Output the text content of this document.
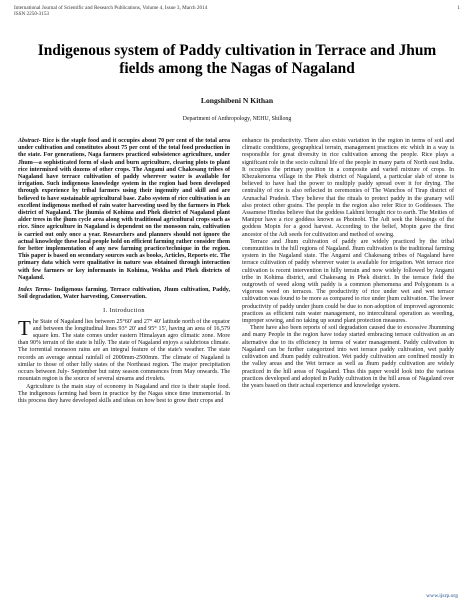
International Journal of Scientific and Research Publications, Volume 4, Issue 3, March 2014
ISSN 2250-3153
1
Indigenous system of Paddy cultivation in Terrace and Jhum fields among the Nagas of Nagaland
Longshibeni N Kithan
Department of Anthropology, NEHU, Shillong

Abstract- Rice is the staple food and it occupies about 70 per cent of the total area under cultivation and constitutes about 75 per cent of the total food production in the state. For generations, Naga farmers practiced subsistence agriculture, under Jhum—a sophisticated form of slash and burn agriculture, clearing plots to plant rice intermixed with dozens of other crops. The Angami and Chakesang tribes of Nagaland have terrace cultivation of paddy wherever water is available for irrigation. Such indigenous knowledge system in the region had been developed through experience by tribal farmers using their ingenuity and skill and are believed to have sustainable agricultural base. Zabo system of rice cultivation is an excellent indigenous method of rain water harvesting used by the farmers in Phek district of Nagaland. The jhumia of Kohima and Phek district of Nagaland plant alder trees in the jhum cycle area along with traditional agricultural crops such as rice. Since agriculture in Nagaland is dependent on the monsoon rain, cultivation is carried out only once a year. Researchers and planners should not ignore the actual knowledge these local people hold on efficient farming rather consider them for better implementation of any new farming practice/technique in the region. This paper is based on secondary sources such as books, Articles, Reports etc. The primary data which were qualitative in nature was obtained through interaction with few farmers or key informants in Kohima, Wokha and Phek districts of Nagaland.

Index Terms- Indigenous farming, Terrace cultivation, Jhum cultivation, Paddy, Soil degradation, Water harvesting, Conservation.

I. Introduction

The State of Nagaland lies between 25°60' and 27° 40' latitude north of the equator and between the longitudinal lines 93° 20' and 95° 15', having an area of 16,579 square km. The state comes under eastern Himalayan agro climatic zone. More than 90% terrain of the state is hilly. The state of Nagaland enjoys a salubrious climate. The torrential monsoon rains are an integral feature of the state's weather. The state records an average annual rainfall of 2000mm-2500mm. The climate of Nagaland is similar to those of other hilly states of the Northeast region. The major precipitation occurs between July- September but rainy season commences from May onwards. The mountain region is the source of several streams and rivulets.

Agriculture is the main stay of economy in Nagaland and rice is their staple food. The indigenous farming had been in practice by the Nagas since time immemorial. In this process they have developed skills and ideas on how best to grow their crops and

enhance its productivity. There also exists variation in the region in terms of soil and climatic conditions, geographical terrain, management practices etc which in a way is responsible for great diversity in rice cultivation among the people. Rice plays a significant role in the socio cultural life of the people in many parts of North east India. It occupies the primary position in a composite and varied mixture of crops. In Khezakenoma village in the Phek district of Nagaland, a particular slab of stone is believed to have had the power to multiply paddy spread over it for drying. The centrality of rice is also reflected in ceremonies of The Wanchos of Tirap district of Arunachal Pradesh. They believe that the rituals to protect paddy in the granary will also protect other grains. The people in the region also refer Rice to Goddesses. The Assamese Hindus believe that the goddess Lakhmi brought rice to earth. The Meities of Manipur have a rice goddess known as Phoinobi. The Adi seek the blessings of the goddess Mopin for a good harvest. According to the belief, Mopin gave the first ancestor of the Adi seeds for cultivation and method of sowing.

Terrace and Jhum cultivation of paddy are widely practiced by the tribal communities in the hill regions of Nagaland. Jhum cultivation is the traditional farming system in the Nagaland state. The Angami and Chakesang tribes of Nagaland have terrace cultivation of paddy wherever water is available for irrigation. Wet terrace rice cultivation is recent intervention in hilly terrain and now widely followed by Angami tribe in Kohima district, and Chakesang in Phek district. In the terrace field the outgrowth of weed along with paddy is a common phenomena and Polygonum is a vigorous weed on terraces. The productivity of rice under wet and wet terrace cultivation was found to be more as compared to rice under jhum cultivation. The lower productivity of paddy under jhum could be due to non adoption of improved agronomic practices as efficient rain water management, no intercultural operation as weeding, improper sowing, and no taking up sound plant protection measures.

There have also been reports of soil degradation caused due to excessive Jhumming and many People in the region have today started embracing terrace cultivation as an alternative due to its efficiency in terms of water management. Paddy cultivation in Nagaland can be further categorized into wet terrace paddy cultivation, wet paddy cultivation and Jhum paddy cultivation. Wet paddy cultivation are confined mostly in the valley areas and the Wet terrace as well as Jhum paddy cultivation are widely practiced in the hill areas of Nagaland. Thus this paper would look into the various practices developed and adopted in Paddy cultivation in the hill areas of Nagaland over the years based on their actual experience and knowledge system.

www.ijsrp.org
